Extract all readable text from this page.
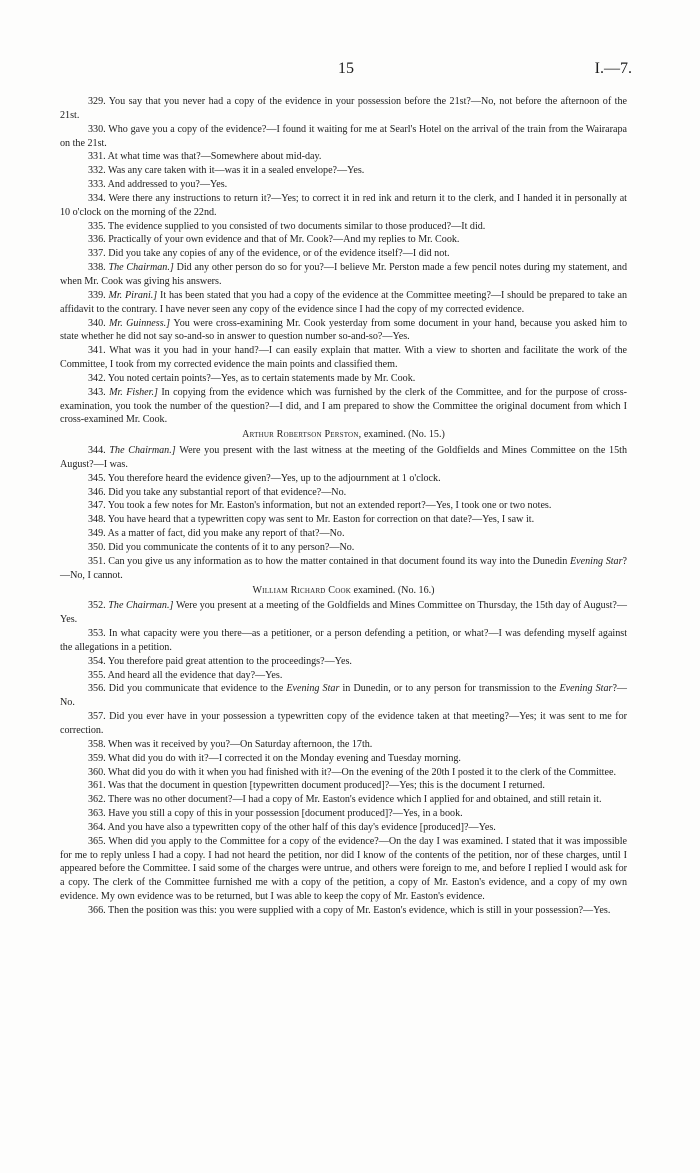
15	I.—7.

329. You say that you never had a copy of the evidence in your possession before the 21st?—No, not before the afternoon of the 21st.

330. Who gave you a copy of the evidence?—I found it waiting for me at Searl's Hotel on the arrival of the train from the Wairarapa on the 21st.

331. At what time was that?—Somewhere about mid-day.

332. Was any care taken with it—was it in a sealed envelope?—Yes.

333. And addressed to you?—Yes.

334. Were there any instructions to return it?—Yes; to correct it in red ink and return it to the clerk, and I handed it in personally at 10 o'clock on the morning of the 22nd.

335. The evidence supplied to you consisted of two documents similar to those produced?—It did.

336. Practically of your own evidence and that of Mr. Cook?—And my replies to Mr. Cook.

337. Did you take any copies of any of the evidence, or of the evidence itself?—I did not.

338. The Chairman.] Did any other person do so for you?—I believe Mr. Perston made a few pencil notes during my statement, and when Mr. Cook was giving his answers.

339. Mr. Pirani.] It has been stated that you had a copy of the evidence at the Committee meeting?—I should be prepared to take an affidavit to the contrary. I have never seen any copy of the evidence since I had the copy of my corrected evidence.

340. Mr. Guinness.] You were cross-examining Mr. Cook yesterday from some document in your hand, because you asked him to state whether he did not say so-and-so in answer to question number so-and-so?—Yes.

341. What was it you had in your hand?—I can easily explain that matter. With a view to shorten and facilitate the work of the Committee, I took from my corrected evidence the main points and classified them.

342. You noted certain points?—Yes, as to certain statements made by Mr. Cook.

343. Mr. Fisher.] In copying from the evidence which was furnished by the clerk of the Committee, and for the purpose of cross-examination, you took the number of the question?—I did, and I am prepared to show the Committee the original document from which I cross-examined Mr. Cook.

Arthur Robertson Perston, examined. (No. 15.)

344. The Chairman.] Were you present with the last witness at the meeting of the Goldfields and Mines Committee on the 15th August?—I was.

345. You therefore heard the evidence given?—Yes, up to the adjournment at 1 o'clock.

346. Did you take any substantial report of that evidence?—No.

347. You took a few notes for Mr. Easton's information, but not an extended report?—Yes, I took one or two notes.

348. You have heard that a typewritten copy was sent to Mr. Easton for correction on that date?—Yes, I saw it.

349. As a matter of fact, did you make any report of that?—No.

350. Did you communicate the contents of it to any person?—No.

351. Can you give us any information as to how the matter contained in that document found its way into the Dunedin Evening Star?—No, I cannot.

William Richard Cook examined. (No. 16.)

352. The Chairman.] Were you present at a meeting of the Goldfields and Mines Committee on Thursday, the 15th day of August?—Yes.

353. In what capacity were you there—as a petitioner, or a person defending a petition, or what?—I was defending myself against the allegations in a petition.

354. You therefore paid great attention to the proceedings?—Yes.

355. And heard all the evidence that day?—Yes.

356. Did you communicate that evidence to the Evening Star in Dunedin, or to any person for transmission to the Evening Star?—No.

357. Did you ever have in your possession a typewritten copy of the evidence taken at that meeting?—Yes; it was sent to me for correction.

358. When was it received by you?—On Saturday afternoon, the 17th.

359. What did you do with it?—I corrected it on the Monday evening and Tuesday morning.

360. What did you do with it when you had finished with it?—On the evening of the 20th I posted it to the clerk of the Committee.

361. Was that the document in question [typewritten document produced]?—Yes; this is the document I returned.

362. There was no other document?—I had a copy of Mr. Easton's evidence which I applied for and obtained, and still retain it.

363. Have you still a copy of this in your possession [document produced]?—Yes, in a book.

364. And you have also a typewritten copy of the other half of this day's evidence [produced]?—Yes.

365. When did you apply to the Committee for a copy of the evidence?—On the day I was examined. I stated that it was impossible for me to reply unless I had a copy. I had not heard the petition, nor did I know of the contents of the petition, nor of these charges, until I appeared before the Committee. I said some of the charges were untrue, and others were foreign to me, and before I replied I would ask for a copy. The clerk of the Committee furnished me with a copy of the petition, a copy of Mr. Easton's evidence, and a copy of my own evidence. My own evidence was to be returned, but I was able to keep the copy of Mr. Easton's evidence.

366. Then the position was this: you were supplied with a copy of Mr. Easton's evidence, which is still in your possession?—Yes.
